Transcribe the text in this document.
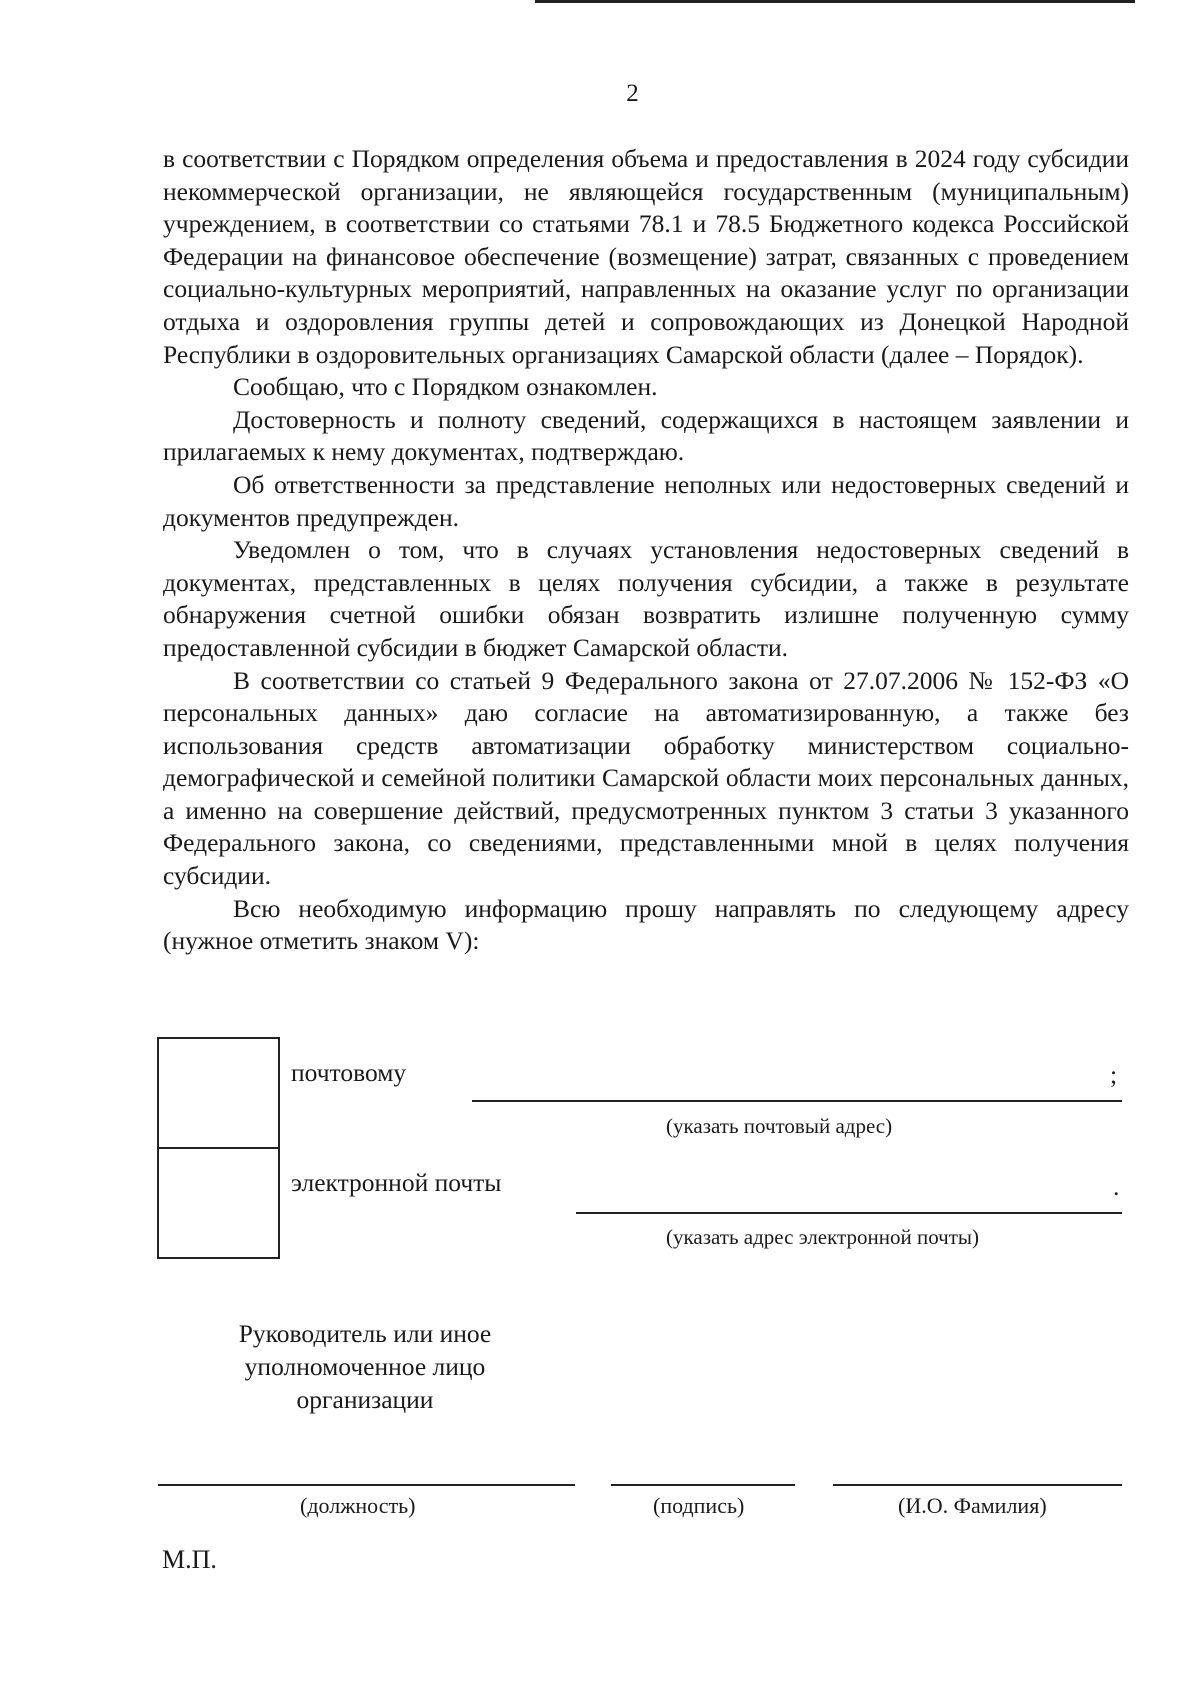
2

в соответствии с Порядком определения объема и предоставления в 2024 году субсидии некоммерческой организации, не являющейся государственным (муниципальным) учреждением, в соответствии со статьями 78.1 и 78.5 Бюджетного кодекса Российской Федерации на финансовое обеспечение (возмещение) затрат, связанных с проведением социально-культурных мероприятий, направленных на оказание услуг по организации отдыха и оздоровления группы детей и сопровождающих из Донецкой Народной Республики в оздоровительных организациях Самарской области (далее – Порядок).

Сообщаю, что с Порядком ознакомлен.

Достоверность и полноту сведений, содержащихся в настоящем заявлении и прилагаемых к нему документах, подтверждаю.

Об ответственности за представление неполных или недостоверных сведений и документов предупрежден.

Уведомлен о том, что в случаях установления недостоверных сведений в документах, представленных в целях получения субсидии, а также в результате обнаружения счетной ошибки обязан возвратить излишне полученную сумму предоставленной субсидии в бюджет Самарской области.

В соответствии со статьей 9 Федерального закона от 27.07.2006 № 152-ФЗ «О персональных данных» даю согласие на автоматизированную, а также без использования средств автоматизации обработку министерством социально-демографической и семейной политики Самарской области моих персональных данных, а именно на совершение действий, предусмотренных пунктом 3 статьи 3 указанного Федерального закона, со сведениями, представленными мной в целях получения субсидии.

Всю необходимую информацию прошу направлять по следующему адресу (нужное отметить знаком V):

почтовому	;
(указать почтовый адрес)
электронной почты	.
(указать адрес электронной почты)
Руководитель или иное
уполномоченное лицо
организации
(должность)	(подпись)	(И.О. Фамилия)
М.П.
